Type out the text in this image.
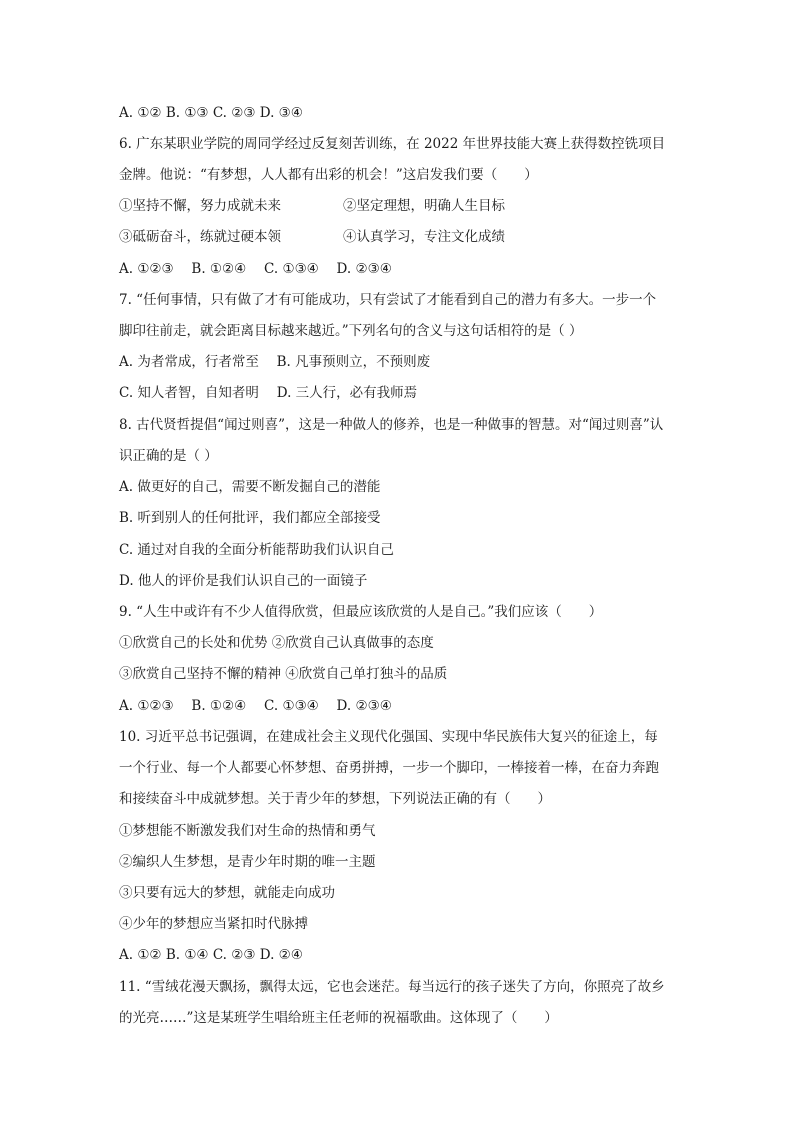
A. ①② B. ①③ C. ②③ D. ③④
6. 广东某职业学院的周同学经过反复刻苦训练，在 2022 年世界技能大赛上获得数控铣项目
金牌。他说：“有梦想，人人都有出彩的机会！”这启发我们要（　　）
①坚持不懈，努力成就未来	②坚定理想，明确人生目标
③砥砺奋斗，练就过硬本领	④认真学习，专注文化成绩
A. ①②③　 B. ①②④　 C. ①③④　 D. ②③④
7. “任何事情，只有做了才有可能成功，只有尝试了才能看到自己的潜力有多大。一步一个
脚印往前走，就会距离目标越来越近。”下列名句的含义与这句话相符的是（ ）
A. 为者常成，行者常至　 B. 凡事预则立，不预则废
C. 知人者智，自知者明　 D. 三人行，必有我师焉
8. 古代贤哲提倡“闻过则喜”，这是一种做人的修养，也是一种做事的智慧。对“闻过则喜”认
识正确的是（ ）
A. 做更好的自己，需要不断发掘自己的潜能
B. 听到别人的任何批评，我们都应全部接受
C. 通过对自我的全面分析能帮助我们认识自己
D. 他人的评价是我们认识自己的一面镜子
9. “人生中或许有不少人值得欣赏，但最应该欣赏的人是自己。”我们应该（　　）
①欣赏自己的长处和优势 ②欣赏自己认真做事的态度
③欣赏自己坚持不懈的精神 ④欣赏自己单打独斗的品质
A. ①②③　 B. ①②④　 C. ①③④　 D. ②③④
10. 习近平总书记强调，在建成社会主义现代化强国、实现中华民族伟大复兴的征途上，每
一个行业、每一个人都要心怀梦想、奋勇拼搏，一步一个脚印，一棒接着一棒，在奋力奔跑
和接续奋斗中成就梦想。关于青少年的梦想，下列说法正确的有（　　）
①梦想能不断激发我们对生命的热情和勇气
②编织人生梦想，是青少年时期的唯一主题
③只要有远大的梦想，就能走向成功
④少年的梦想应当紧扣时代脉搏
A. ①② B. ①④ C. ②③ D. ②④
11. “雪绒花漫天飘扬，飘得太远，它也会迷茫。每当远行的孩子迷失了方向，你照亮了故乡
的光亮……”这是某班学生唱给班主任老师的祝福歌曲。这体现了（　　）
